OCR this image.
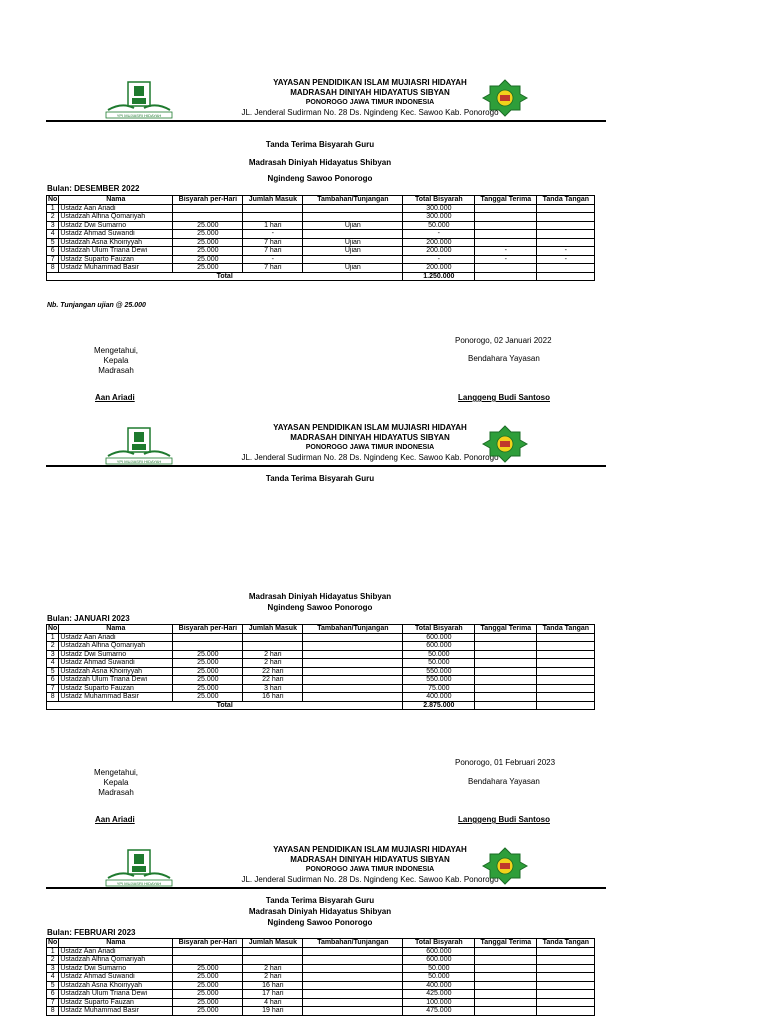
YPI MUJIASRI HIDAYAH
YAYASAN PENDIDIKAN ISLAM MUJIASRI HIDAYAH
MADRASAH DINIYAH HIDAYATUS SIBYAN
PONOROGO JAWA TIMUR INDONESIA
JL. Jenderal Sudirman No. 28 Ds. Ngindeng Kec. Sawoo Kab. Ponorogo
Tanda Terima Bisyarah Guru
Madrasah Diniyah Hidayatus Shibyan
Ngindeng Sawoo Ponorogo
Bulan: DESEMBER 2022
No	Nama	Bisyarah per-Hari	Jumlah Masuk	Tambahan/Tunjangan	Total Bisyarah	Tanggal Terima	Tanda Tangan
1	Ustadz Aan Ariadi				300.000		
2	Ustadzah Alfina Qomariyah				300.000		
3	Ustadz Dwi Sumarno	25.000	1 hari	Ujian	50.000		
4	Ustadz Ahmad Suwandi	25.000	-		-		
5	Ustadzah Asna Khoiriyyah	25.000	7 hari	Ujian	200.000		
6	Ustadzah Ulum Triana Dewi	25.000	7 hari	Ujian	200.000	-	-
7	Ustadz Suparto Fauzan	25.000	-		-	-	-
8	Ustadz Muhammad Basir	25.000	7 hari	Ujian	200.000		
Total					1.250.000		
Nb. Tunjangan ujian @ 25.000
Ponorogo, 02 Januari 2022
Mengetahui,
Kepala Madrasah
Bendahara Yayasan
Aan Ariadi	Langgeng Budi Santoso
YPI MUJIASRI HIDAYAH
YAYASAN PENDIDIKAN ISLAM MUJIASRI HIDAYAH
MADRASAH DINIYAH HIDAYATUS SIBYAN
PONOROGO JAWA TIMUR INDONESIA
JL. Jenderal Sudirman No. 28 Ds. Ngindeng Kec. Sawoo Kab. Ponorogo
Tanda Terima Bisyarah Guru
Madrasah Diniyah Hidayatus Shibyan
Ngindeng Sawoo Ponorogo
Bulan: JANUARI 2023
No	Nama	Bisyarah per-Hari	Jumlah Masuk	Tambahan/Tunjangan	Total Bisyarah	Tanggal Terima	Tanda Tangan
1	Ustadz Aan Ariadi				600.000		
2	Ustadzah Alfina Qomariyah				600.000		
3	Ustadz Dwi Sumarno	25.000	2 hari		50.000		
4	Ustadz Ahmad Suwandi	25.000	2 hari		50.000		
5	Ustadzah Asna Khoiriyyah	25.000	22 hari		550.000		
6	Ustadzah Ulum Triana Dewi	25.000	22 hari		550.000		
7	Ustadz Suparto Fauzan	25.000	3 hari		75.000		
8	Ustadz Muhammad Basir	25.000	16 hari		400.000		
Total					2.875.000		
Ponorogo, 01 Februari 2023
Mengetahui,
Kepala Madrasah
Bendahara Yayasan
Aan Ariadi	Langgeng Budi Santoso
YPI MUJIASRI HIDAYAH
YAYASAN PENDIDIKAN ISLAM MUJIASRI HIDAYAH
MADRASAH DINIYAH HIDAYATUS SIBYAN
PONOROGO JAWA TIMUR INDONESIA
JL. Jenderal Sudirman No. 28 Ds. Ngindeng Kec. Sawoo Kab. Ponorogo
Tanda Terima Bisyarah Guru
Madrasah Diniyah Hidayatus Shibyan
Ngindeng Sawoo Ponorogo
Bulan: FEBRUARI 2023
No	Nama	Bisyarah per-Hari	Jumlah Masuk	Tambahan/Tunjangan	Total Bisyarah	Tanggal Terima	Tanda Tangan
1	Ustadz Aan Ariadi				600.000		
2	Ustadzah Alfina Qomariyah				600.000		
3	Ustadz Dwi Sumarno	25.000	2 hari		50.000		
4	Ustadz Ahmad Suwandi	25.000	2 hari		50.000		
5	Ustadzah Asna Khoiriyyah	25.000	16 hari		400.000		
6	Ustadzah Ulum Triana Dewi	25.000	17 hari		425.000		
7	Ustadz Suparto Fauzan	25.000	4 hari		100.000		
8	Ustadz Muhammad Basir	25.000	19 hari		475.000		
